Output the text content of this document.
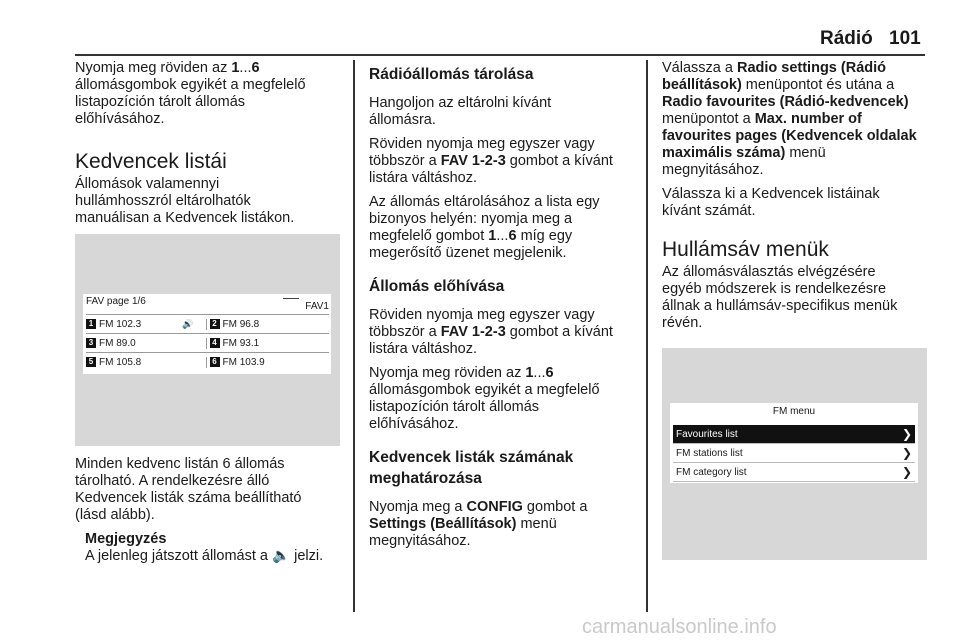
Rádió 101

Nyomja meg röviden az 1...6
állomásgombok egyikét a megfelelő
listapozíción tárolt állomás
előhívásához.

Kedvencek listái

Állomások valamennyi
hullámhosszról eltárolhatók
manuálisan a Kedvencek listákon.

FAV page 1/6	FAV1
1 FM 102.3	🔊	2 FM 96.8
3 FM 89.0	4 FM 93.1
5 FM 105.8	6 FM 103.9

Minden kedvenc listán 6 állomás
tárolható. A rendelkezésre álló
Kedvencek listák száma beállítható
(lásd alább).

Megjegyzés

A jelenleg játszott állomást a 🔈 jelzi.

Rádióállomás tárolása

Hangoljon az eltárolni kívánt
állomásra.

Röviden nyomja meg egyszer vagy
többször a FAV 1-2-3 gombot a kívánt
listára váltáshoz.

Az állomás eltárolásához a lista egy
bizonyos helyén: nyomja meg a
megfelelő gombot 1...6 míg egy
megerősítő üzenet megjelenik.

Állomás előhívása

Röviden nyomja meg egyszer vagy
többször a FAV 1-2-3 gombot a kívánt
listára váltáshoz.

Nyomja meg röviden az 1...6
állomásgombok egyikét a megfelelő
listapozíción tárolt állomás
előhívásához.

Kedvencek listák számának
meghatározása

Nyomja meg a CONFIG gombot a
Settings (Beállítások) menü
megnyitásához.

Válassza a Radio settings (Rádió
beállítások) menüpontot és utána a
Radio favourites (Rádió-kedvencek)
menüpontot a Max. number of
favourites pages (Kedvencek oldalak
maximális száma) menü
megnyitásához.

Válassza ki a Kedvencek listáinak
kívánt számát.

Hullámsáv menük

Az állomásválasztás elvégzésére
egyéb módszerek is rendelkezésre
állnak a hullámsáv-specifikus menük
révén.

FM menu
Favourites list	❯
FM stations list	❯
FM category list	❯
carmanualsonline.info
